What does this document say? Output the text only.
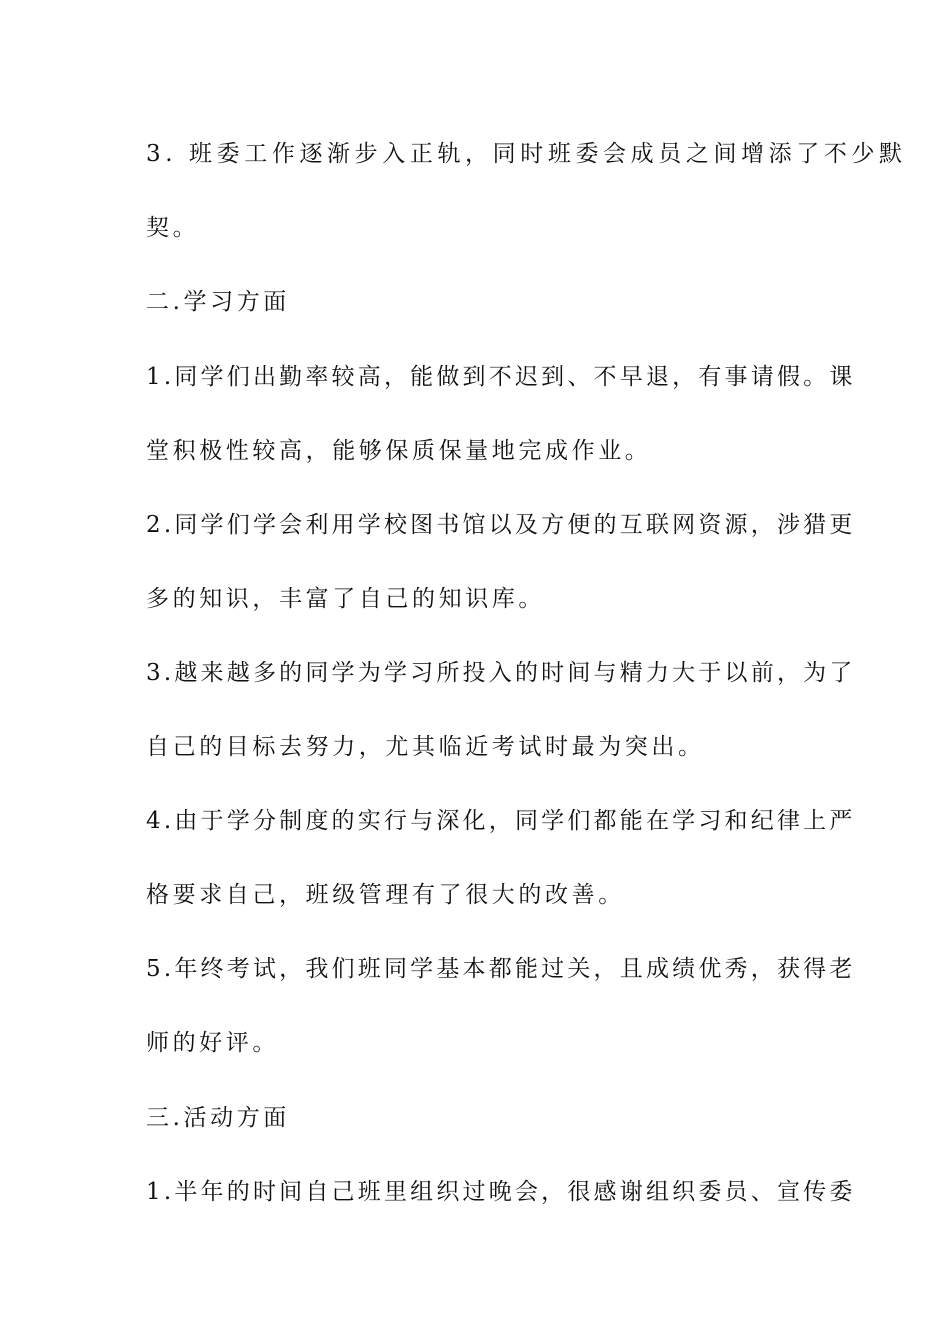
3. 班委工作逐渐步入正轨，同时班委会成员之间增添了不少默
契。
二.学习方面
1.同学们出勤率较高，能做到不迟到、不早退，有事请假。课
堂积极性较高，能够保质保量地完成作业。
2.同学们学会利用学校图书馆以及方便的互联网资源，涉猎更
多的知识，丰富了自己的知识库。
3.越来越多的同学为学习所投入的时间与精力大于以前，为了
自己的目标去努力，尤其临近考试时最为突出。
4.由于学分制度的实行与深化，同学们都能在学习和纪律上严
格要求自己，班级管理有了很大的改善。
5.年终考试，我们班同学基本都能过关，且成绩优秀，获得老
师的好评。
三.活动方面
1.半年的时间自己班里组织过晚会，很感谢组织委员、宣传委
